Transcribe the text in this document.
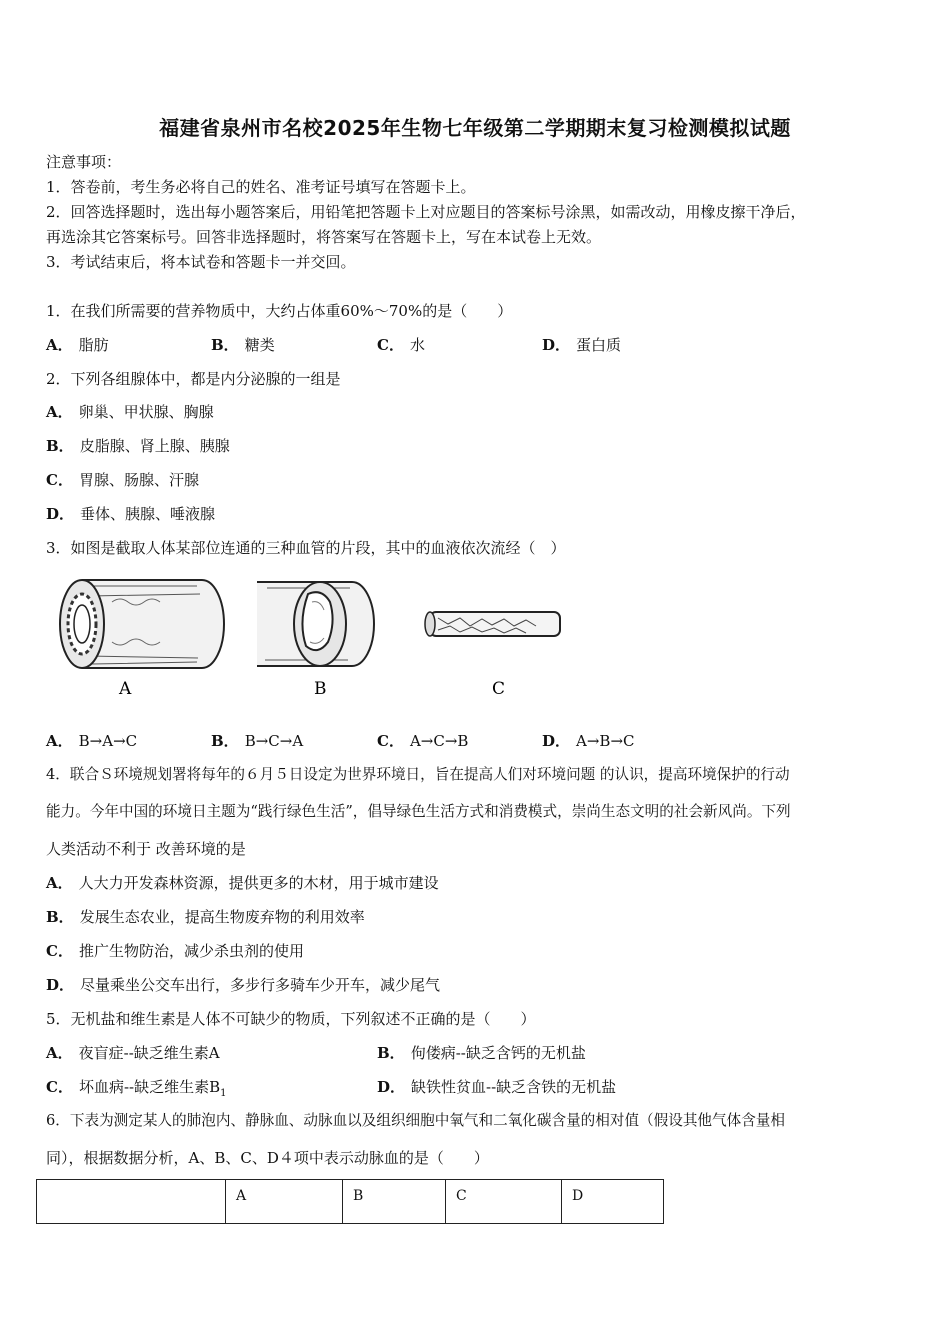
福建省泉州市名校2025年生物七年级第二学期期末复习检测模拟试题
注意事项：
1．答卷前，考生务必将自己的姓名、准考证号填写在答题卡上。
2．回答选择题时，选出每小题答案后，用铅笔把答题卡上对应题目的答案标号涂黑，如需改动，用橡皮擦干净后，
再选涂其它答案标号。回答非选择题时，将答案写在答题卡上，写在本试卷上无效。
3．考试结束后，将本试卷和答题卡一并交回。
1．在我们所需要的营养物质中，大约占体重60%～70%的是（　　）
A． 脂肪	B． 糖类	C． 水	D． 蛋白质
2．下列各组腺体中，都是内分泌腺的一组是
A． 卵巢、甲状腺、胸腺
B． 皮脂腺、肾上腺、胰腺
C． 胃腺、肠腺、汗腺
D． 垂体、胰腺、唾液腺
3．如图是截取人体某部位连通的三种血管的片段，其中的血液依次流经（　）
A	B	C
A． B→A→C	B． B→C→A	C． A→C→B	D． A→B→C
4．联合Ｓ环境规划署将每年的６月５日设定为世界环境日，旨在提高人们对环境问题 的认识，提高环境保护的行动
能力。今年中国的环境日主题为“践行绿色生活”，倡导绿色生活方式和消费模式，崇尚生态文明的社会新风尚。下列
人类活动不利于 改善环境的是
A． 人大力开发森林资源，提供更多的木材，用于城市建设
B． 发展生态农业，提高生物废弃物的利用效率
C． 推广生物防治，减少杀虫剂的使用
D． 尽量乘坐公交车出行，多步行多骑车少开车，减少尾气
5．无机盐和维生素是人体不可缺少的物质，下列叙述不正确的是（　　）
A． 夜盲症--缺乏维生素A	B． 佝偻病--缺乏含钙的无机盐
C． 坏血病--缺乏维生素$B_1$	D． 缺铁性贫血--缺乏含铁的无机盐
6．下表为测定某人的肺泡内、静脉血、动脉血以及组织细胞中氧气和二氧化碳含量的相对值（假设其他气体含量相
同），根据数据分析，A、B、C、D４项中表示动脉血的是（　　）
	A	B	C	D
